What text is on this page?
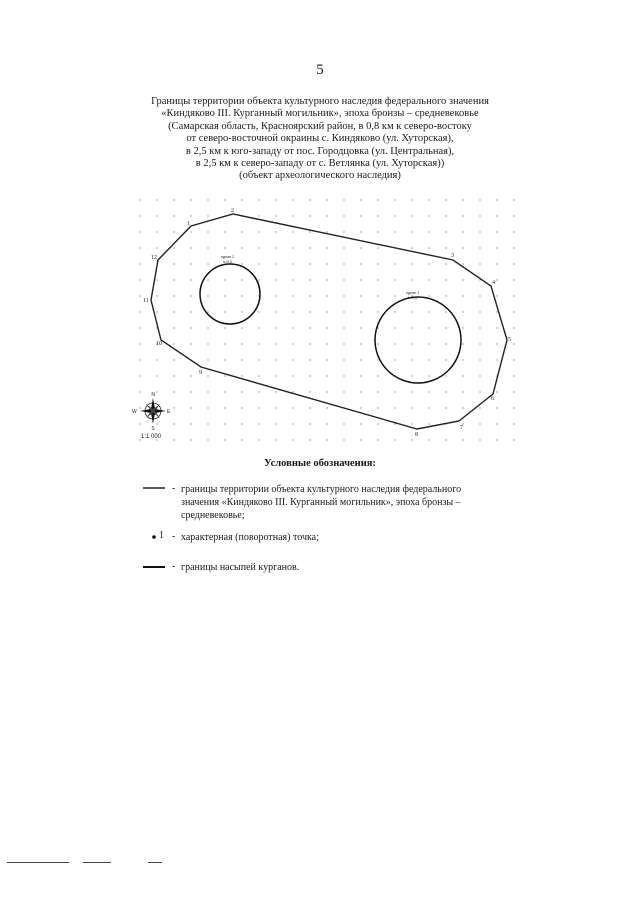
5
Границы территории объекта культурного наследия федерального значения
«Киндяково III. Курганный могильник», эпоха бронзы – средневековье
(Самарская область, Красноярский район, в 0,8 км к северо-востоку
от северо-восточной окраины с. Киндяково (ул. Хуторская),
в 2,5 км к юго-западу от пос. Городцовка (ул. Центральная),
в 2,5 км к северо-западу от с. Ветлянка (ул. Хуторская))
(объект археологического наследия)
курган 2
h=0,3
курган 1
h=0,4
1
2
3
4
5
6
7
8
9
10
11
12
N
S
E
W
1:1 000
Условные обозначения:
- границы территории объекта культурного наследия федерального
значения «Киндяково III. Курганный могильник», эпоха бронзы –
средневековье;
1 - характерная (поворотная) точка;
- границы насыпей курганов.
